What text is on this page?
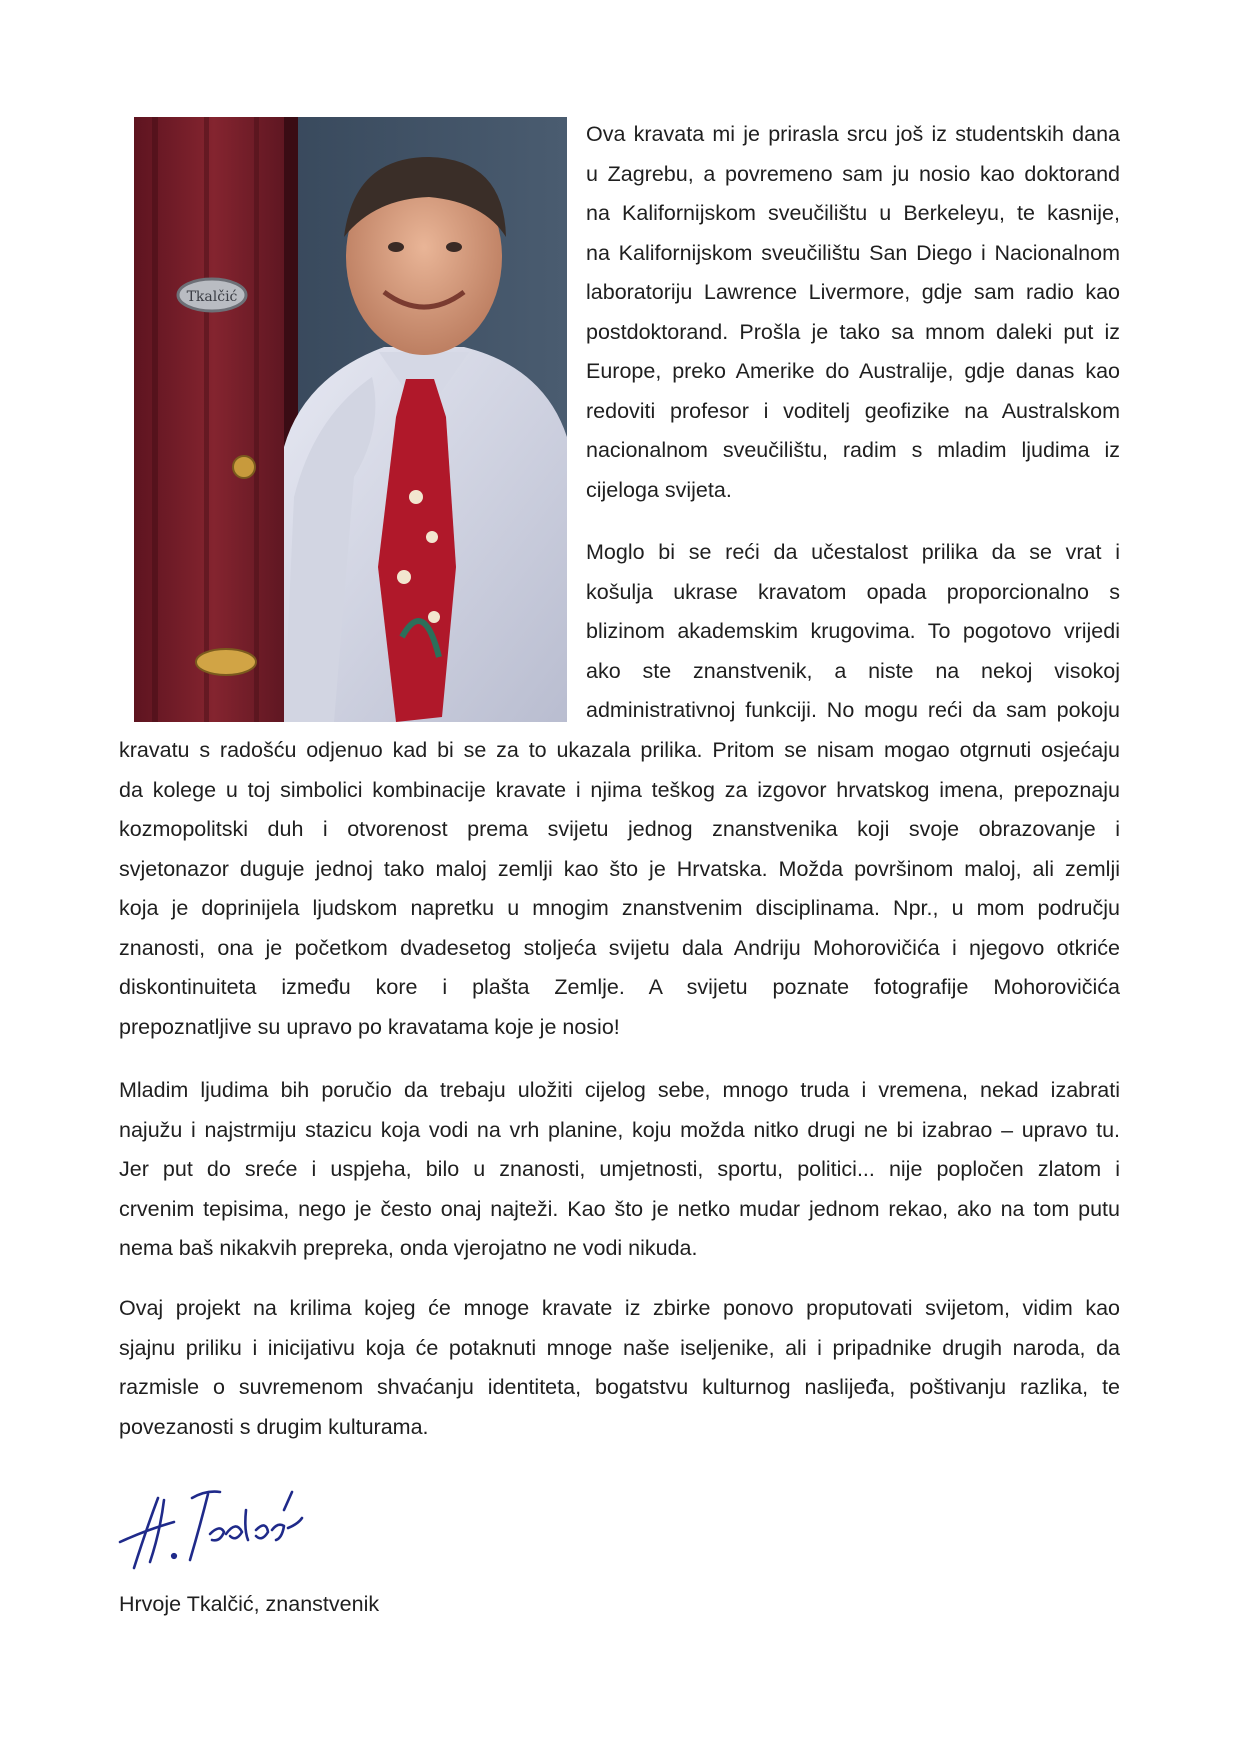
Tkalčić
Ova kravata mi je prirasla srcu još iz studentskih dana
u Zagrebu, a povremeno sam ju nosio kao doktorand
na Kalifornijskom sveučilištu u Berkeleyu, te kasnije,
na Kalifornijskom sveučilištu San Diego i Nacionalnom
laboratoriju Lawrence Livermore, gdje sam radio kao
postdoktorand. Prošla je tako sa mnom daleki put iz
Europe, preko Amerike do Australije, gdje danas kao
redoviti profesor i voditelj geofizike na Australskom
nacionalnom sveučilištu, radim s mladim ljudima iz
cijeloga svijeta.
Moglo bi se reći da učestalost prilika da se vrat i
košulja ukrase kravatom opada proporcionalno s
blizinom akademskim krugovima. To pogotovo vrijedi
ako ste znanstvenik, a niste na nekoj visokoj
administrativnoj funkciji. No mogu reći da sam pokoju
kravatu s radošću odjenuo kad bi se za to ukazala prilika. Pritom se nisam mogao otgrnuti osjećaju
da kolege u toj simbolici kombinacije kravate i njima teškog za izgovor hrvatskog imena, prepoznaju
kozmopolitski duh i otvorenost prema svijetu jednog znanstvenika koji svoje obrazovanje i
svjetonazor duguje jednoj tako maloj zemlji kao što je Hrvatska. Možda površinom maloj, ali zemlji
koja je doprinijela ljudskom napretku u mnogim znanstvenim disciplinama. Npr., u mom području
znanosti, ona je početkom dvadesetog stoljeća svijetu dala Andriju Mohorovičića i njegovo otkriće
diskontinuiteta između kore i plašta Zemlje. A svijetu poznate fotografije Mohorovičića
prepoznatljive su upravo po kravatama koje je nosio!
Mladim ljudima bih poručio da trebaju uložiti cijelog sebe, mnogo truda i vremena, nekad izabrati
najužu i najstrmiju stazicu koja vodi na vrh planine, koju možda nitko drugi ne bi izabrao – upravo tu.
Jer put do sreće i uspjeha, bilo u znanosti, umjetnosti, sportu, politici... nije popločen zlatom i
crvenim tepisima, nego je često onaj najteži. Kao što je netko mudar jednom rekao, ako na tom putu
nema baš nikakvih prepreka, onda vjerojatno ne vodi nikuda.
Ovaj projekt na krilima kojeg će mnoge kravate iz zbirke ponovo proputovati svijetom, vidim kao
sjajnu priliku i inicijativu koja će potaknuti mnoge naše iseljenike, ali i pripadnike drugih naroda, da
razmisle o suvremenom shvaćanju identiteta, bogatstvu kulturnog naslijeđa, poštivanju razlika, te
povezanosti s drugim kulturama.
Hrvoje Tkalčić, znanstvenik
